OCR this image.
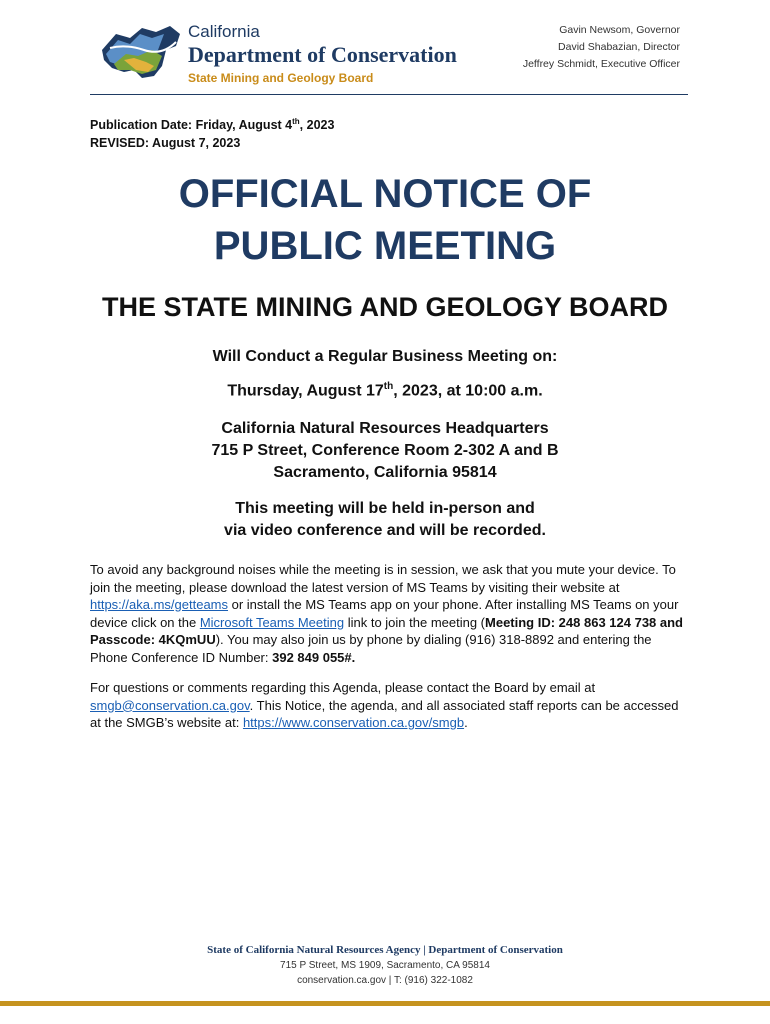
California
Department of Conservation
State Mining and Geology Board
Gavin Newsom, Governor
David Shabazian, Director
Jeffrey Schmidt, Executive Officer
Publication Date: Friday, August 4th, 2023
REVISED: August 7, 2023
OFFICIAL NOTICE OF
PUBLIC MEETING
THE STATE MINING AND GEOLOGY BOARD
Will Conduct a Regular Business Meeting on:
Thursday, August 17th, 2023, at 10:00 a.m.
California Natural Resources Headquarters
715 P Street, Conference Room 2-302 A and B
Sacramento, California 95814
This meeting will be held in-person and
via video conference and will be recorded.
To avoid any background noises while the meeting is in session, we ask that you mute your device. To join the meeting, please download the latest version of MS Teams by visiting their website at https://aka.ms/getteams or install the MS Teams app on your phone. After installing MS Teams on your device click on the Microsoft Teams Meeting link to join the meeting (Meeting ID: 248 863 124 738 and Passcode: 4KQmUU). You may also join us by phone by dialing (916) 318-8892 and entering the Phone Conference ID Number: 392 849 055#.
For questions or comments regarding this Agenda, please contact the Board by email at smgb@conservation.ca.gov. This Notice, the agenda, and all associated staff reports can be accessed at the SMGB’s website at: https://www.conservation.ca.gov/smgb.
State of California Natural Resources Agency | Department of Conservation
715 P Street, MS 1909, Sacramento, CA 95814
conservation.ca.gov | T: (916) 322-1082
